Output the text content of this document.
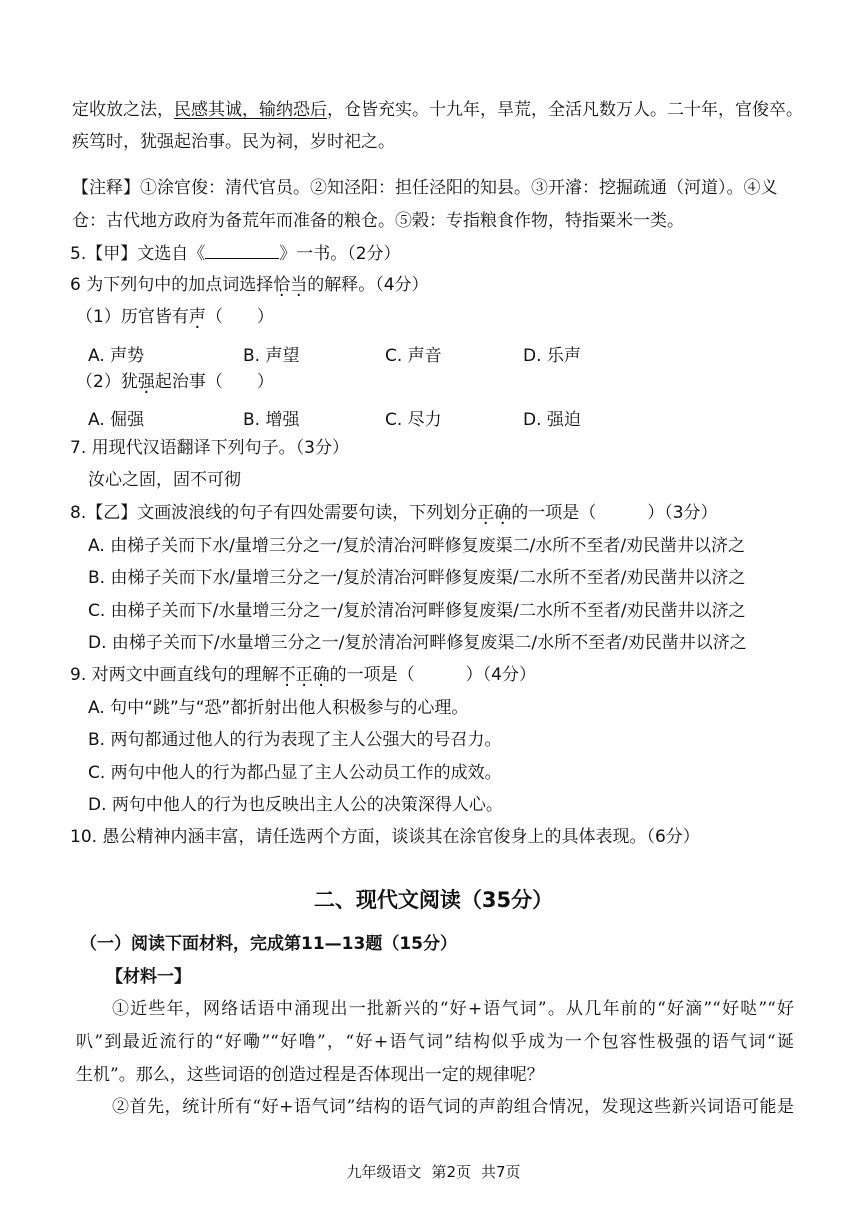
定收放之法，民感其诚，输纳恐后，仓皆充实。十九年，旱荒，全活凡数万人。二十年，官俊卒。
疾笃时，犹强起治事。民为祠，岁时祀之。
【注释】①涂官俊：清代官员。②知泾阳：担任泾阳的知县。③开濬：挖掘疏通（河道）。④义
仓：古代地方政府为备荒年而准备的粮仓。⑤榖：专指粮食作物，特指粟米一类。
5.【甲】文选自《	》一书。（2分）
6 为下列句中的加点词选择恰当的解释。（4分）
（1）历官皆有声（　　）
A. 声势	B. 声望	C. 声音	D. 乐声
（2）犹强起治事（　　）
A. 倔强	B. 增强	C. 尽力	D. 强迫
7. 用现代汉语翻译下列句子。（3分）
汝心之固，固不可彻
8.【乙】文画波浪线的句子有四处需要句读，下列划分正确的一项是（　　　）（3分）
A. 由梯子关而下水/量增三分之一/复於清冶河畔修复废渠二/水所不至者/劝民凿井以济之
B. 由梯子关而下水/量增三分之一/复於清冶河畔修复废渠/二水所不至者/劝民凿井以济之
C. 由梯子关而下/水量增三分之一/复於清冶河畔修复废渠/二水所不至者/劝民凿井以济之
D. 由梯子关而下/水量增三分之一/复於清冶河畔修复废渠二/水所不至者/劝民凿井以济之
9. 对两文中画直线句的理解不正确的一项是（　　　）（4分）
A. 句中“跳”与“恐”都折射出他人积极参与的心理。
B. 两句都通过他人的行为表现了主人公强大的号召力。
C. 两句中他人的行为都凸显了主人公动员工作的成效。
D. 两句中他人的行为也反映出主人公的决策深得人心。
10. 愚公精神内涵丰富，请任选两个方面，谈谈其在涂官俊身上的具体表现。（6分）
二、现代文阅读（35分）
（一）阅读下面材料，完成第11—13题（15分）
【材料一】
①近些年，网络话语中涌现出一批新兴的“好+语气词”。从几年前的“好滴”“好哒”“好
叭”到最近流行的“好嘞”“好噜”，“好+语气词”结构似乎成为一个包容性极强的语气词“诞
生机”。那么，这些词语的创造过程是否体现出一定的规律呢？
②首先，统计所有“好+语气词”结构的语气词的声韵组合情况，发现这些新兴词语可能是
九年级语文 第2页 共7页
